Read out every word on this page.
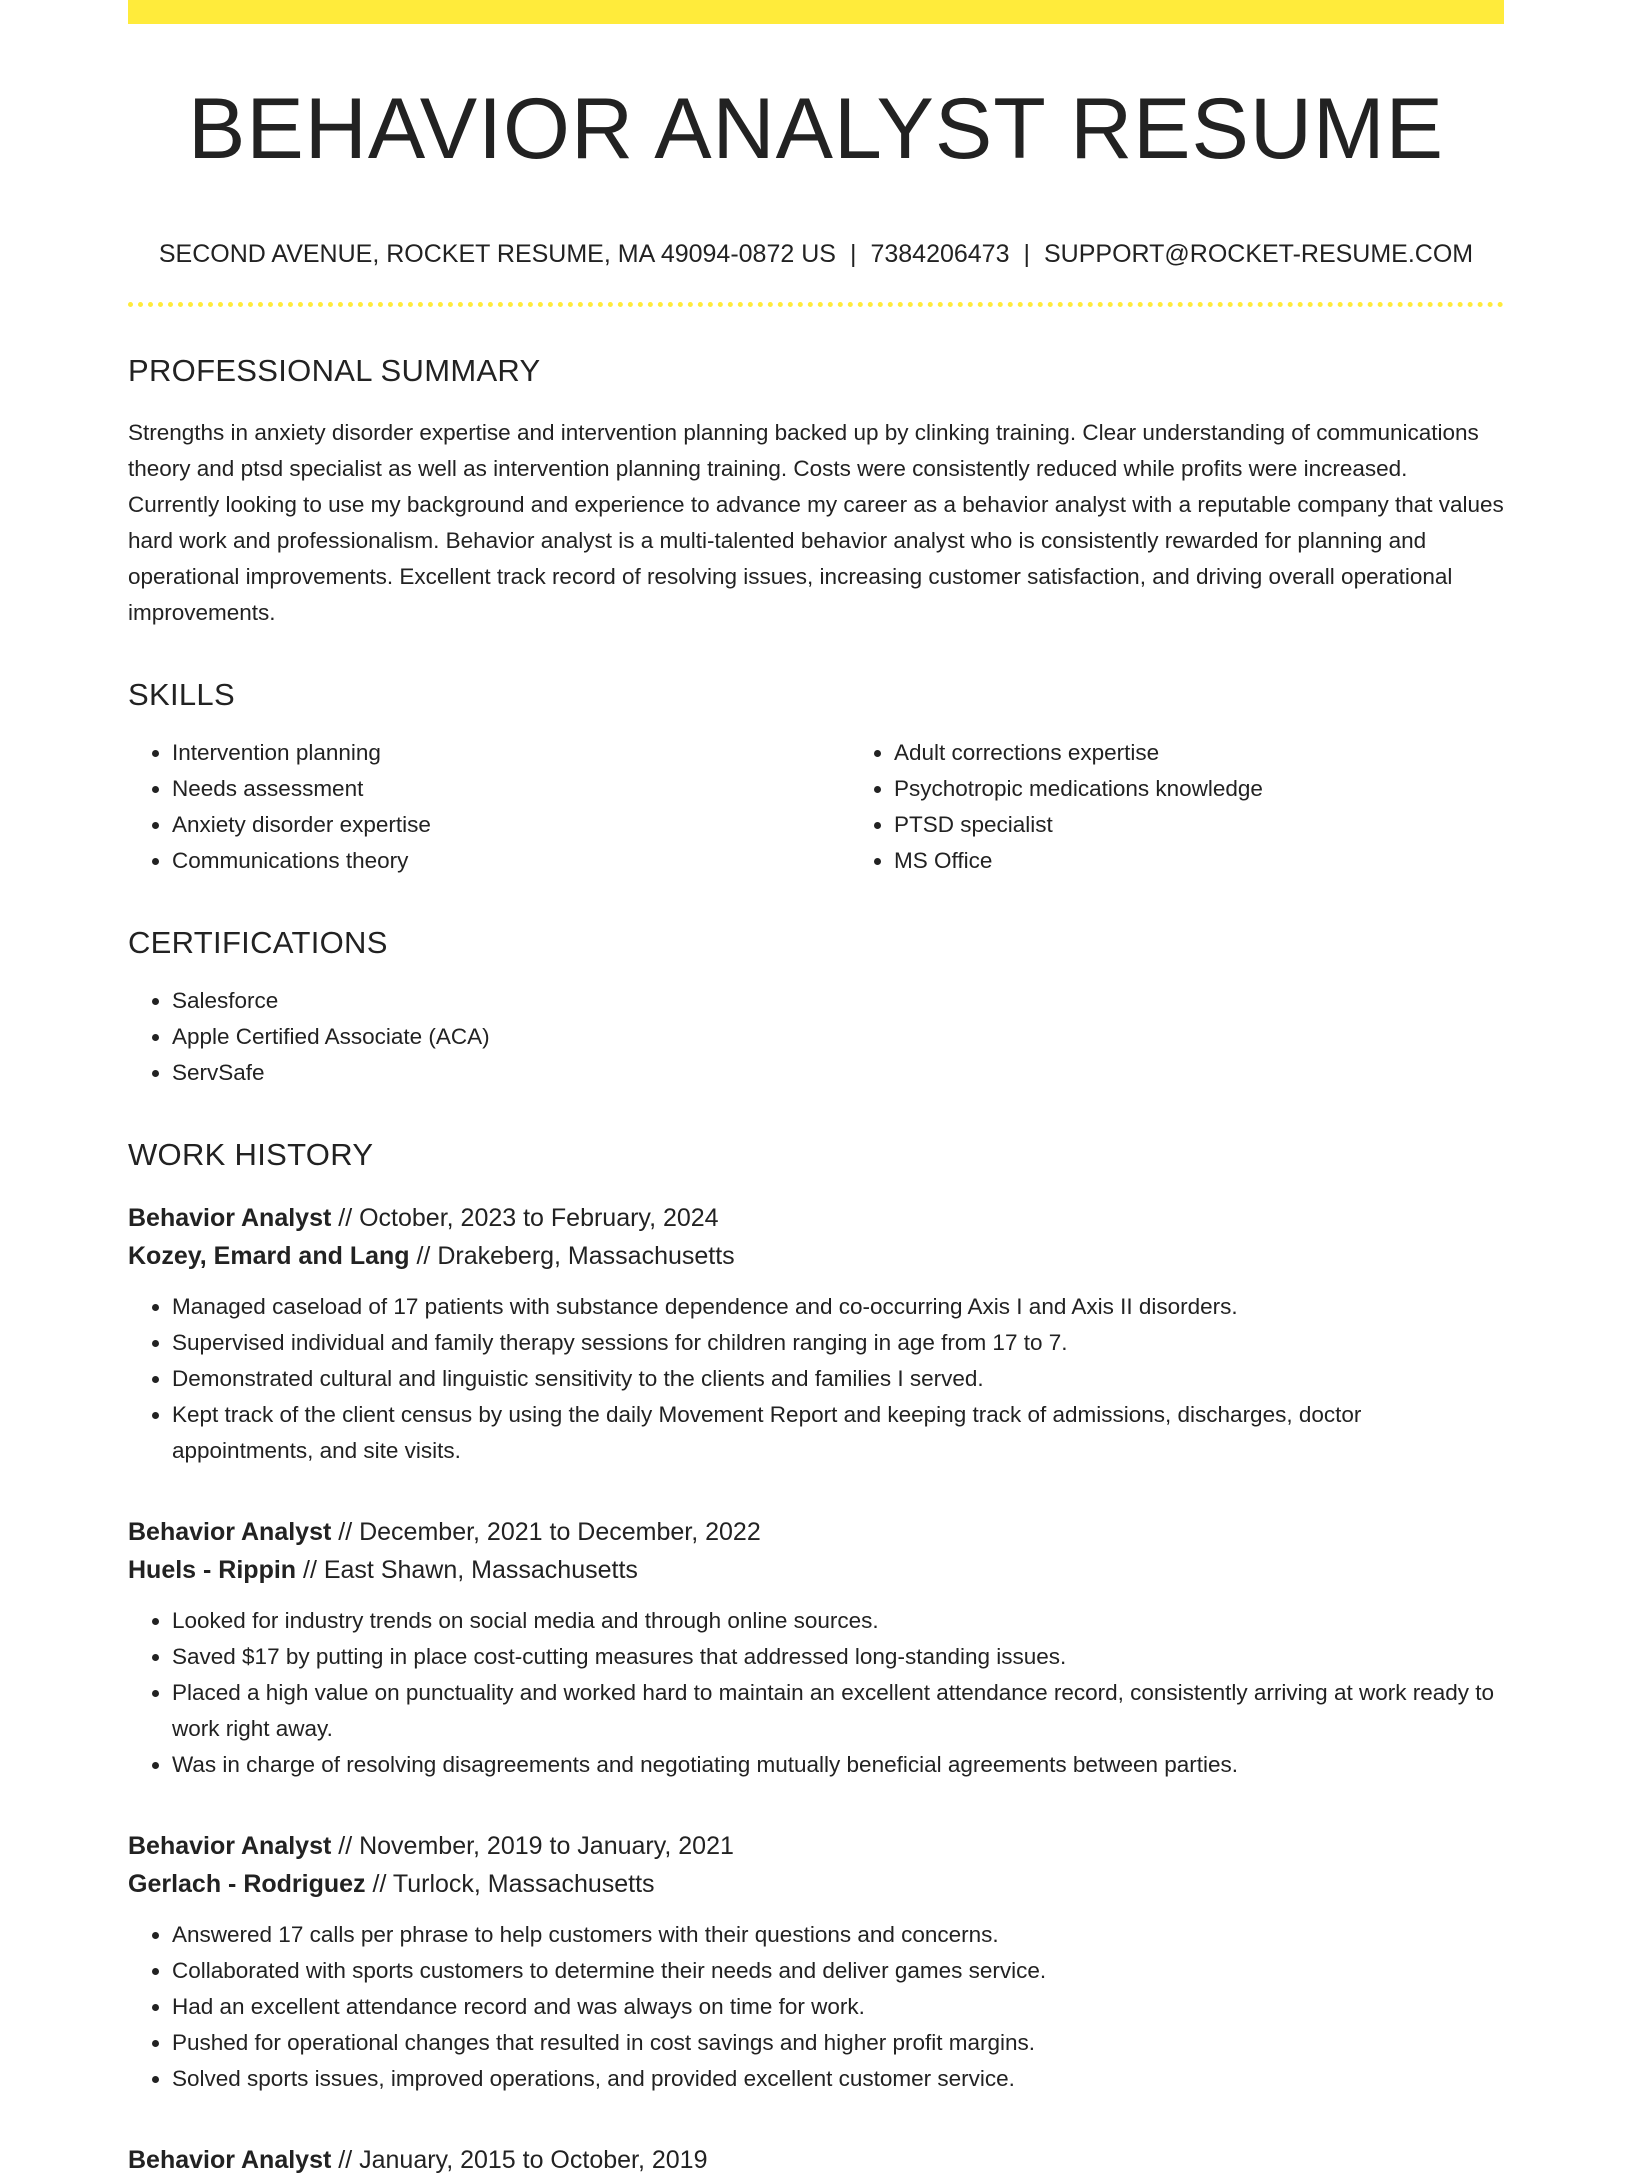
BEHAVIOR ANALYST RESUME
SECOND AVENUE, ROCKET RESUME, MA 49094-0872 US | 7384206473 | SUPPORT@ROCKET-RESUME.COM
PROFESSIONAL SUMMARY

Strengths in anxiety disorder expertise and intervention planning backed up by clinking training. Clear understanding of communications theory and ptsd specialist as well as intervention planning training. Costs were consistently reduced while profits were increased. Currently looking to use my background and experience to advance my career as a behavior analyst with a reputable company that values hard work and professionalism. Behavior analyst is a multi-talented behavior analyst who is consistently rewarded for planning and operational improvements. Excellent track record of resolving issues, increasing customer satisfaction, and driving overall operational improvements.

SKILLS
• Intervention planning
• Needs assessment
• Anxiety disorder expertise
• Communications theory
• Adult corrections expertise
• Psychotropic medications knowledge
• PTSD specialist
• MS Office
CERTIFICATIONS
• Salesforce
• Apple Certified Associate (ACA)
• ServSafe
WORK HISTORY
Behavior Analyst // October, 2023 to February, 2024
Kozey, Emard and Lang // Drakeberg, Massachusetts
• Managed caseload of 17 patients with substance dependence and co-occurring Axis I and Axis II disorders.
• Supervised individual and family therapy sessions for children ranging in age from 17 to 7.
• Demonstrated cultural and linguistic sensitivity to the clients and families I served.
• Kept track of the client census by using the daily Movement Report and keeping track of admissions, discharges, doctor appointments, and site visits.
Behavior Analyst // December, 2021 to December, 2022
Huels - Rippin // East Shawn, Massachusetts
• Looked for industry trends on social media and through online sources.
• Saved $17 by putting in place cost-cutting measures that addressed long-standing issues.
• Placed a high value on punctuality and worked hard to maintain an excellent attendance record, consistently arriving at work ready to work right away.
• Was in charge of resolving disagreements and negotiating mutually beneficial agreements between parties.
Behavior Analyst // November, 2019 to January, 2021
Gerlach - Rodriguez // Turlock, Massachusetts
• Answered 17 calls per phrase to help customers with their questions and concerns.
• Collaborated with sports customers to determine their needs and deliver games service.
• Had an excellent attendance record and was always on time for work.
• Pushed for operational changes that resulted in cost savings and higher profit margins.
• Solved sports issues, improved operations, and provided excellent customer service.
Behavior Analyst // January, 2015 to October, 2019
